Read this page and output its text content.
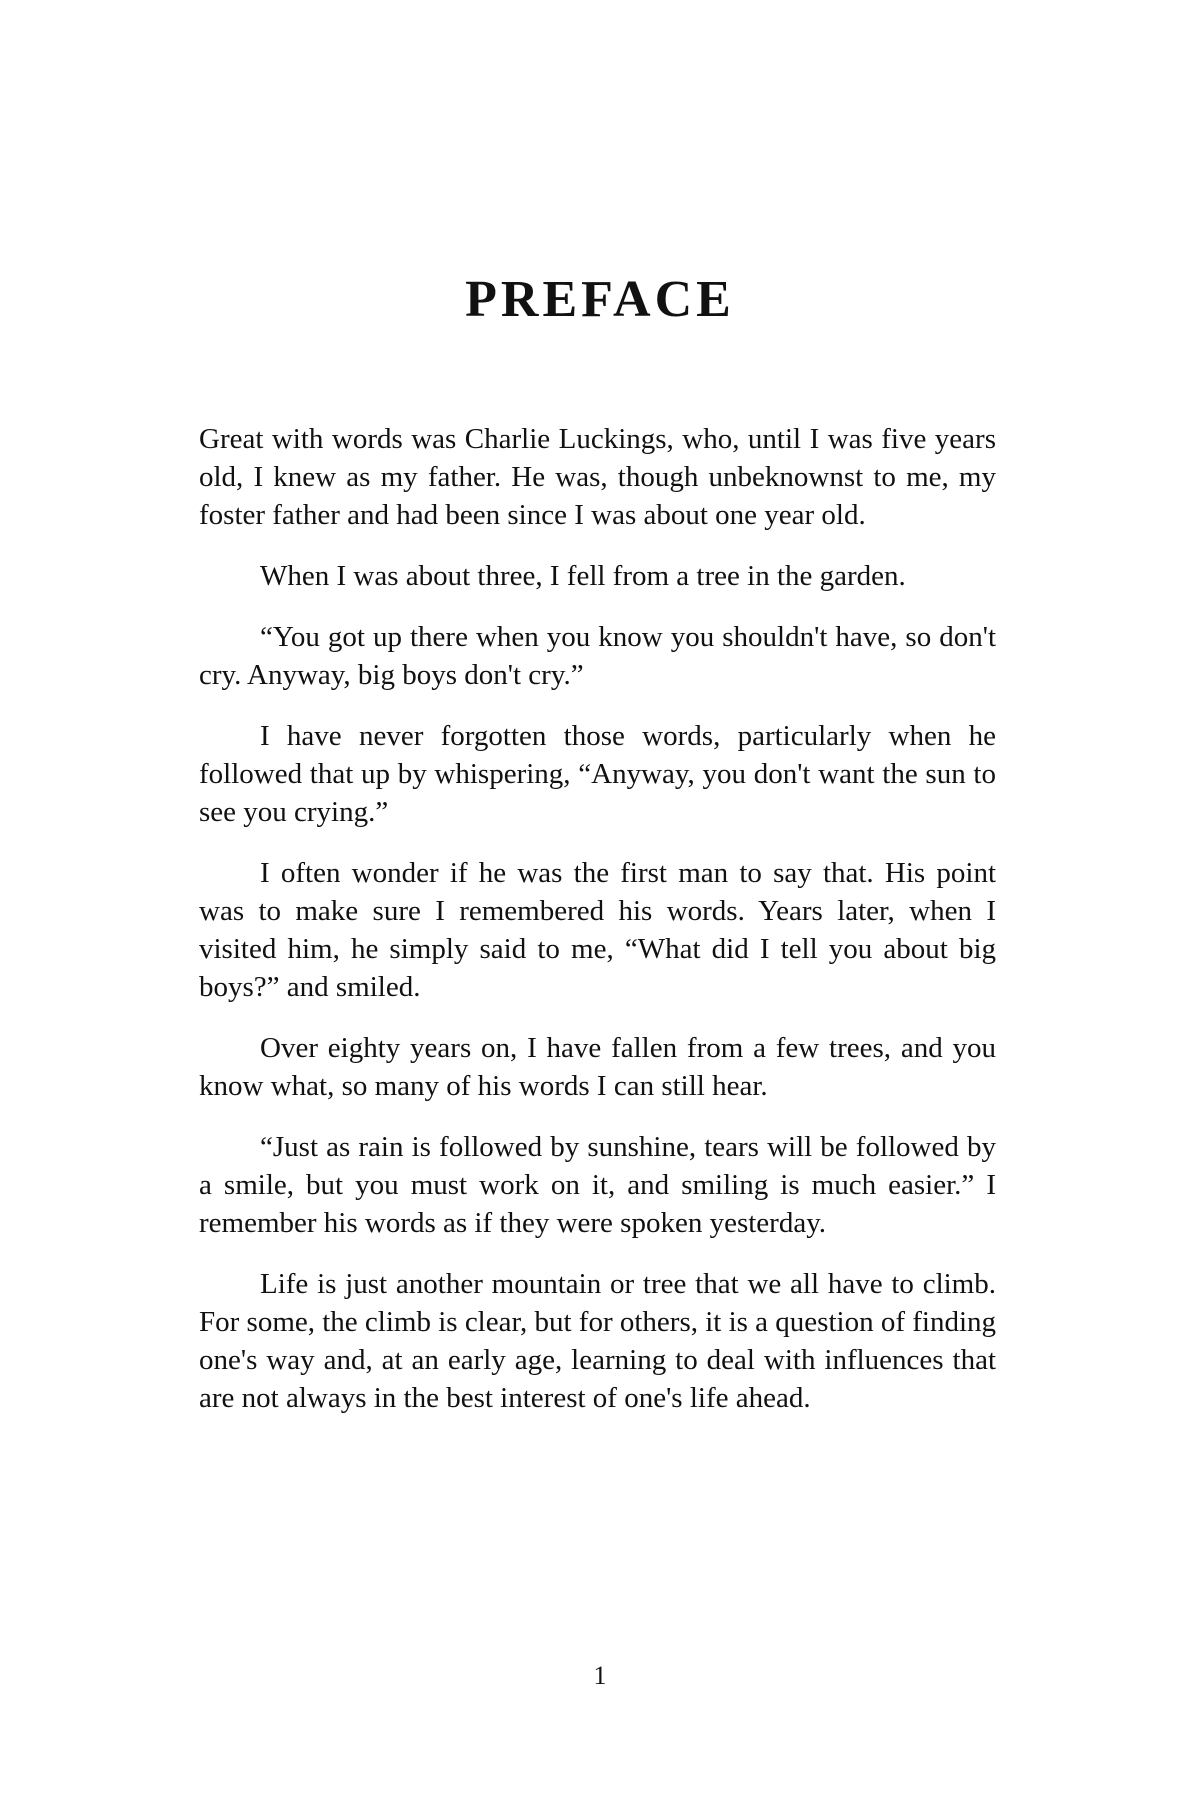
PREFACE

Great with words was Charlie Luckings, who, until I was five years old, I knew as my father. He was, though unbeknownst to me, my foster father and had been since I was about one year old.

When I was about three, I fell from a tree in the garden.

“You got up there when you know you shouldn't have, so don't cry. Anyway, big boys don't cry.”

I have never forgotten those words, particularly when he followed that up by whispering, “Anyway, you don't want the sun to see you crying.”

I often wonder if he was the first man to say that. His point was to make sure I remembered his words. Years later, when I visited him, he simply said to me, “What did I tell you about big boys?” and smiled.

Over eighty years on, I have fallen from a few trees, and you know what, so many of his words I can still hear.

“Just as rain is followed by sunshine, tears will be followed by a smile, but you must work on it, and smiling is much easier.” I remember his words as if they were spoken yesterday.

Life is just another mountain or tree that we all have to climb. For some, the climb is clear, but for others, it is a question of finding one's way and, at an early age, learning to deal with influences that are not always in the best interest of one's life ahead.

1
